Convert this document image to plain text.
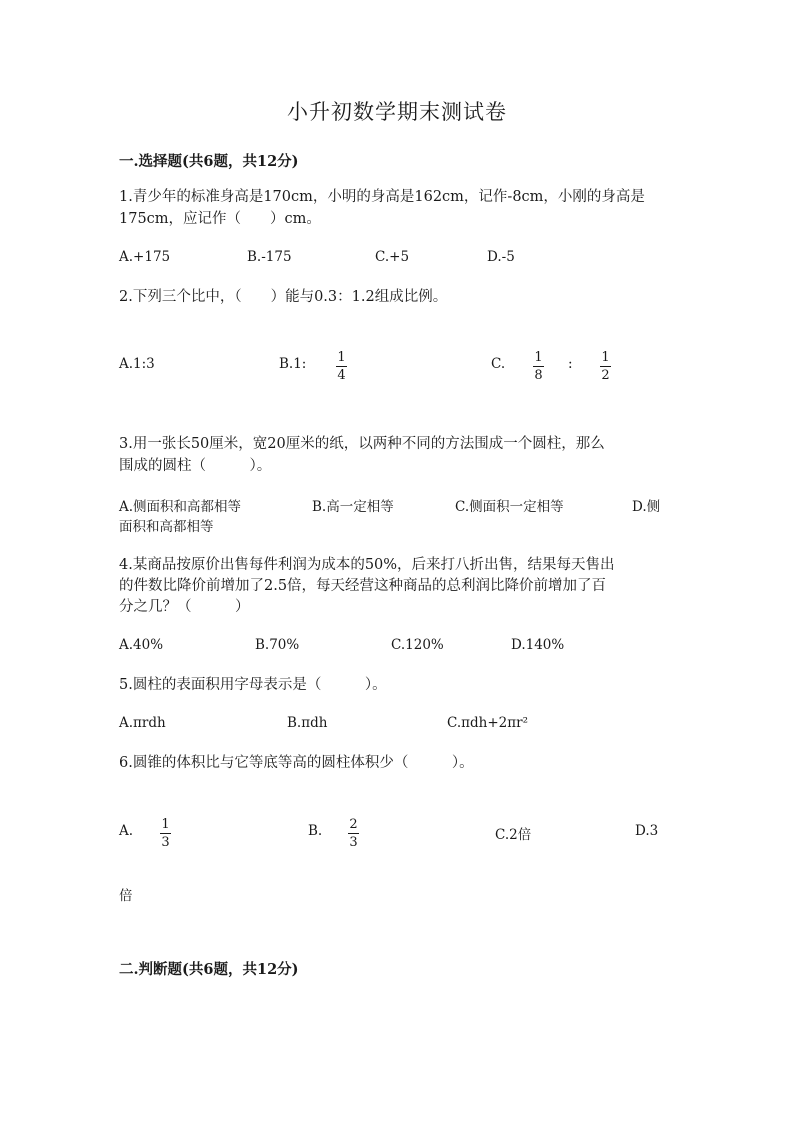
小升初数学期末测试卷
一.选择题(共6题，共12分)
1.青少年的标准身高是170cm，小明的身高是162cm，记作-8cm，小刚的身高是
175cm，应记作（　　）cm。
A.+175	B.-175	C.+5	D.-5
2.下列三个比中，（　　）能与0.3：1.2组成比例。
A.1:3	B.1: 1
4
C. 1
8
: 1
2
3.用一张长50厘米，宽20厘米的纸，以两种不同的方法围成一个圆柱，那么
围成的圆柱（　　　）。
A.侧面积和高都相等	B.高一定相等	C.侧面积一定相等	D.侧
面积和高都相等
4.某商品按原价出售每件利润为成本的50%，后来打八折出售，结果每天售出
的件数比降价前增加了2.5倍，每天经营这种商品的总利润比降价前增加了百
分之几？（　　　）
A.40%	B.70%	C.120%	D.140%
5.圆柱的表面积用字母表示是（　　　）。
A.πrdh	B.πdh	C.πdh+2πr²
6.圆锥的体积比与它等底等高的圆柱体积少（　　　）。
A. 1
3
B. 2
3	C.2倍	D.3
倍
二.判断题(共6题，共12分)
